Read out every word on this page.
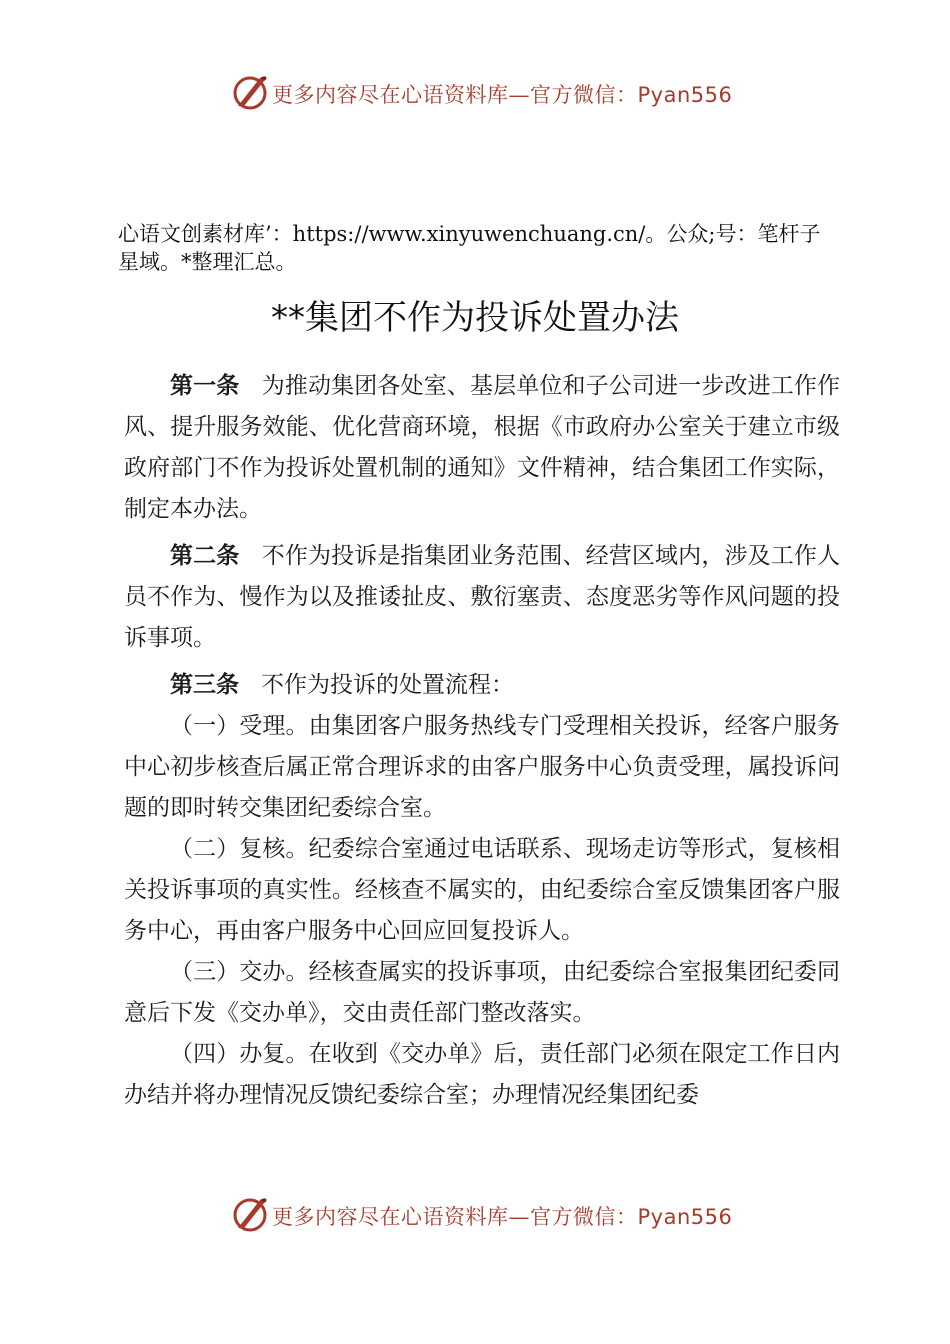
更多内容尽在心语资料库—官方微信：Pyan556
心语文创素材库’：https://www.xinyuwenchuang.cn/。公众;号：笔杆子星域。*整理汇总。
**集团不作为投诉处置办法

第一条 为推动集团各处室、基层单位和子公司进一步改进工作作风、提升服务效能、优化营商环境，根据《市政府办公室关于建立市级政府部门不作为投诉处置机制的通知》文件精神，结合集团工作实际，制定本办法。

第二条 不作为投诉是指集团业务范围、经营区域内，涉及工作人员不作为、慢作为以及推诿扯皮、敷衍塞责、态度恶劣等作风问题的投诉事项。

第三条 不作为投诉的处置流程：

（一）受理。由集团客户服务热线专门受理相关投诉，经客户服务中心初步核查后属正常合理诉求的由客户服务中心负责受理，属投诉问题的即时转交集团纪委综合室。

（二）复核。纪委综合室通过电话联系、现场走访等形式，复核相关投诉事项的真实性。经核查不属实的，由纪委综合室反馈集团客户服务中心，再由客户服务中心回应回复投诉人。

（三）交办。经核查属实的投诉事项，由纪委综合室报集团纪委同意后下发《交办单》，交由责任部门整改落实。

（四）办复。在收到《交办单》后，责任部门必须在限定工作日内办结并将办理情况反馈纪委综合室；办理情况经集团纪委

更多内容尽在心语资料库—官方微信：Pyan556
